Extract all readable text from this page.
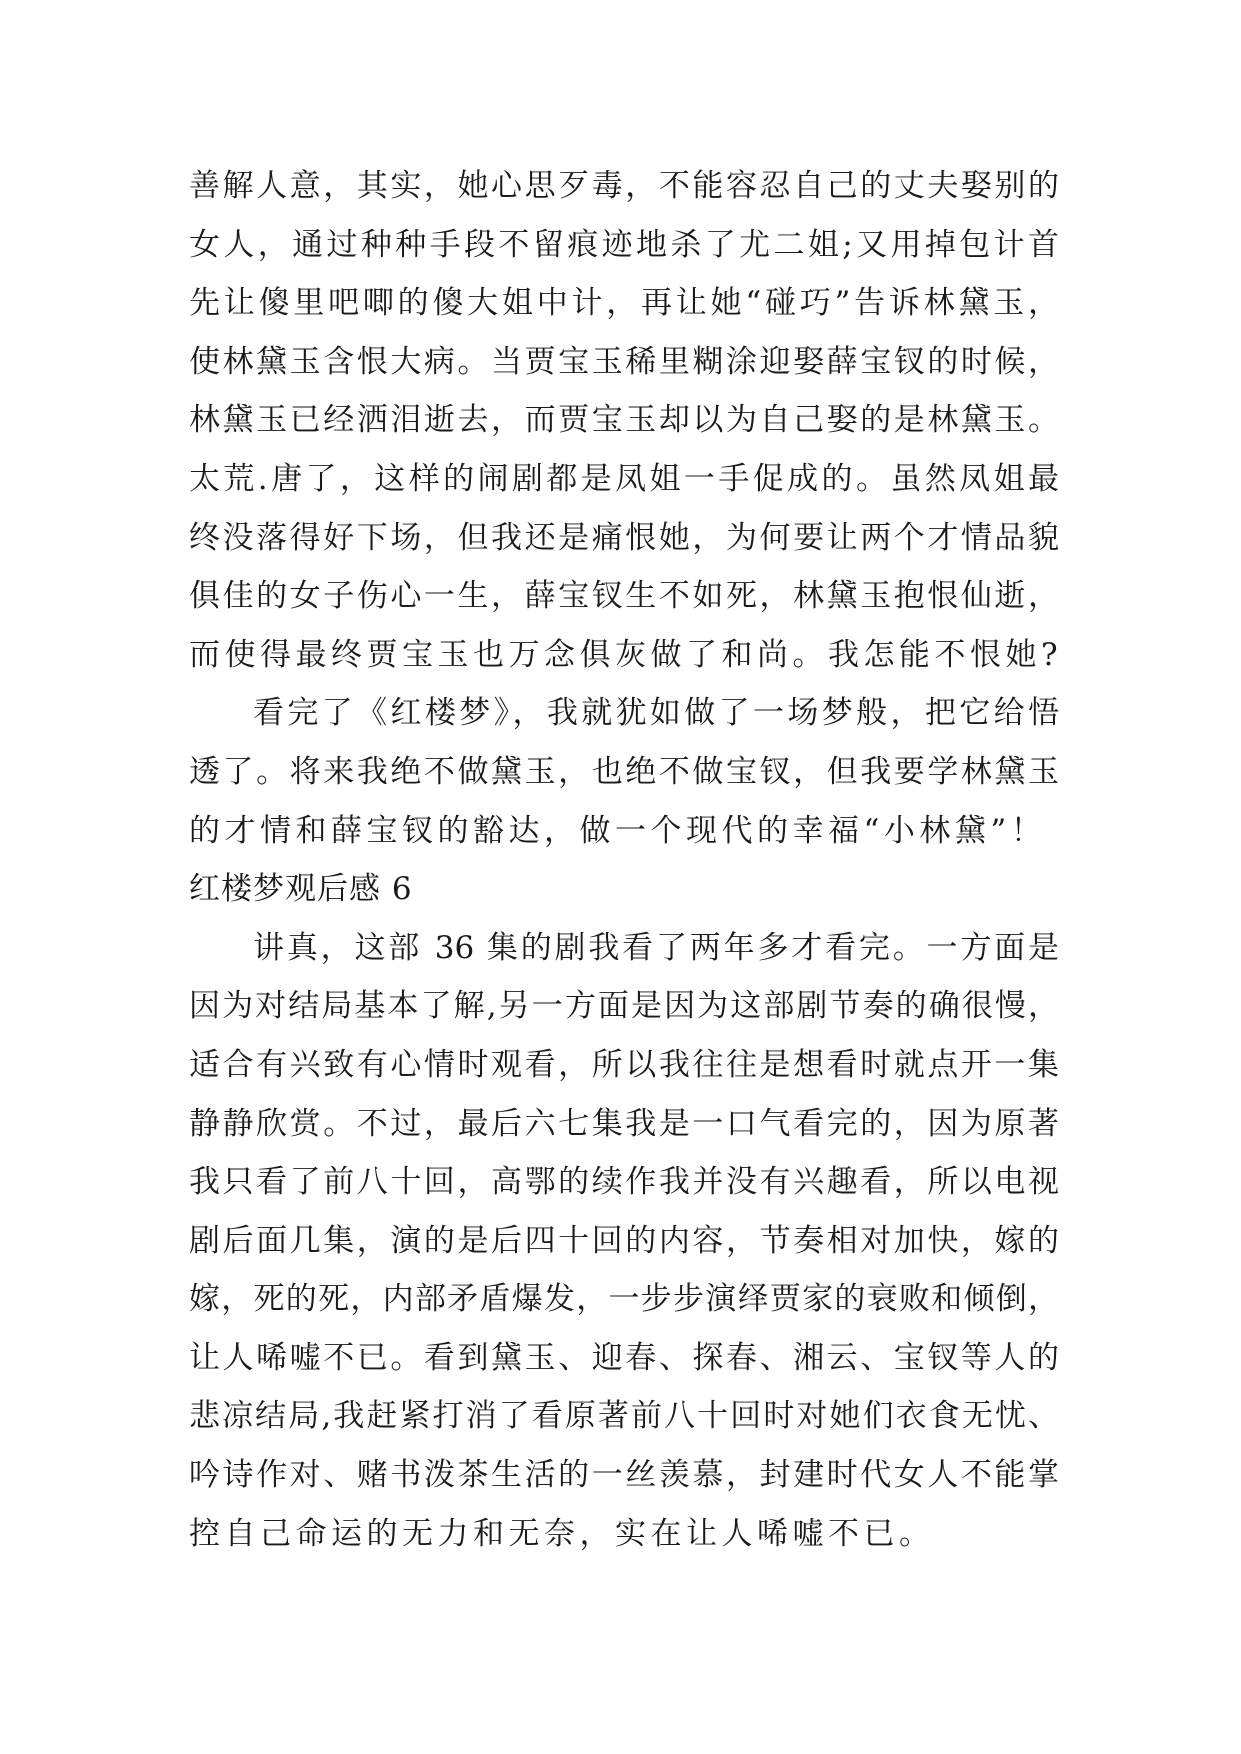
善解人意，其实，她心思歹毒，不能容忍自己的丈夫娶别的
女人，通过种种手段不留痕迹地杀了尤二姐;又用掉包计首
先让傻里吧唧的傻大姐中计，再让她“碰巧”告诉林黛玉，
使林黛玉含恨大病。当贾宝玉稀里糊涂迎娶薛宝钗的时候，
林黛玉已经洒泪逝去，而贾宝玉却以为自己娶的是林黛玉。
太荒.唐了，这样的闹剧都是凤姐一手促成的。虽然凤姐最
终没落得好下场，但我还是痛恨她，为何要让两个才情品貌
俱佳的女子伤心一生，薛宝钗生不如死，林黛玉抱恨仙逝，
而使得最终贾宝玉也万念俱灰做了和尚。我怎能不恨她?
看完了《红楼梦》，我就犹如做了一场梦般，把它给悟
透了。将来我绝不做黛玉，也绝不做宝钗，但我要学林黛玉
的才情和薛宝钗的豁达，做一个现代的幸福“小林黛”！
红楼梦观后感 6
讲真，这部 36 集的剧我看了两年多才看完。一方面是
因为对结局基本了解,另一方面是因为这部剧节奏的确很慢，
适合有兴致有心情时观看，所以我往往是想看时就点开一集
静静欣赏。不过，最后六七集我是一口气看完的，因为原著
我只看了前八十回，高鄂的续作我并没有兴趣看，所以电视
剧后面几集，演的是后四十回的内容，节奏相对加快，嫁的
嫁，死的死，内部矛盾爆发，一步步演绎贾家的衰败和倾倒，
让人唏嘘不已。看到黛玉、迎春、探春、湘云、宝钗等人的
悲凉结局,我赶紧打消了看原著前八十回时对她们衣食无忧、
吟诗作对、赌书泼茶生活的一丝羡慕，封建时代女人不能掌
控自己命运的无力和无奈，实在让人唏嘘不已。
